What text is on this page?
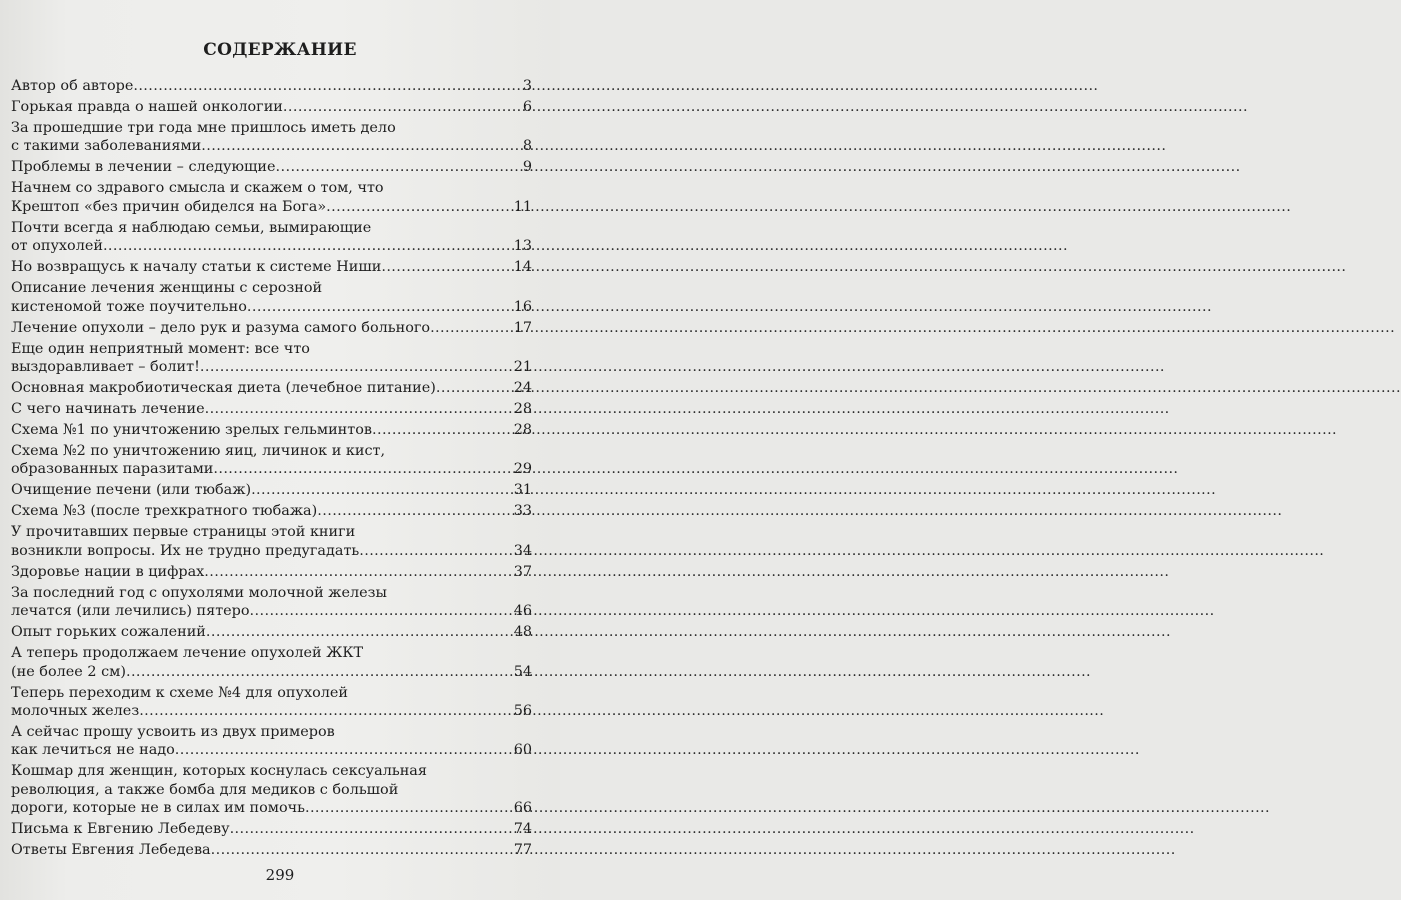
СОДЕРЖАНИЕ
Автор об авторе .....	3
Горькая правда о нашей онкологии .....	6
За прошедшие три года мне пришлось иметь дело
с такими заболеваниями .....	8
Проблемы в лечении – следующие .....	9
Начнем со здравого смысла и скажем о том, что
Крештоп «без причин обиделся на Бога» .....	11
Почти всегда я наблюдаю семьи, вымирающие
от опухолей .....	13
Но возвращусь к началу статьи к системе Ниши .....	14
Описание лечения женщины с серозной
кистеномой тоже поучительно .....	16
Лечение опухоли – дело рук и разума самого больного .....	17
Еще один неприятный момент: все что
выздоравливает – болит! .....	21
Основная макробиотическая диета (лечебное питание) .....	24
С чего начинать лечение .....	28
Схема №1 по уничтожению зрелых гельминтов .....	28
Схема №2 по уничтожению яиц, личинок и кист,
образованных паразитами .....	29
Очищение печени (или тюбаж) .....	31
Схема №3 (после трехкратного тюбажа) .....	33
У прочитавших первые страницы этой книги
возникли вопросы. Их не трудно предугадать .....	34
Здоровье нации в цифрах .....	37
За последний год с опухолями молочной железы
лечатся (или лечились) пятеро .....	46
Опыт горьких сожалений .....	48
А теперь продолжаем лечение опухолей ЖКТ
(не более 2 см) .....	54
Теперь переходим к схеме №4 для опухолей
молочных желез .....	56
А сейчас прошу усвоить из двух примеров
как лечиться не надо .....	60
Кошмар для женщин, которых коснулась сексуальная
революция, а также бомба для медиков с большой
дороги, которые не в силах им помочь .....	66
Письма к Евгению Лебедеву .....	74
Ответы Евгения Лебедева .....	77
299
